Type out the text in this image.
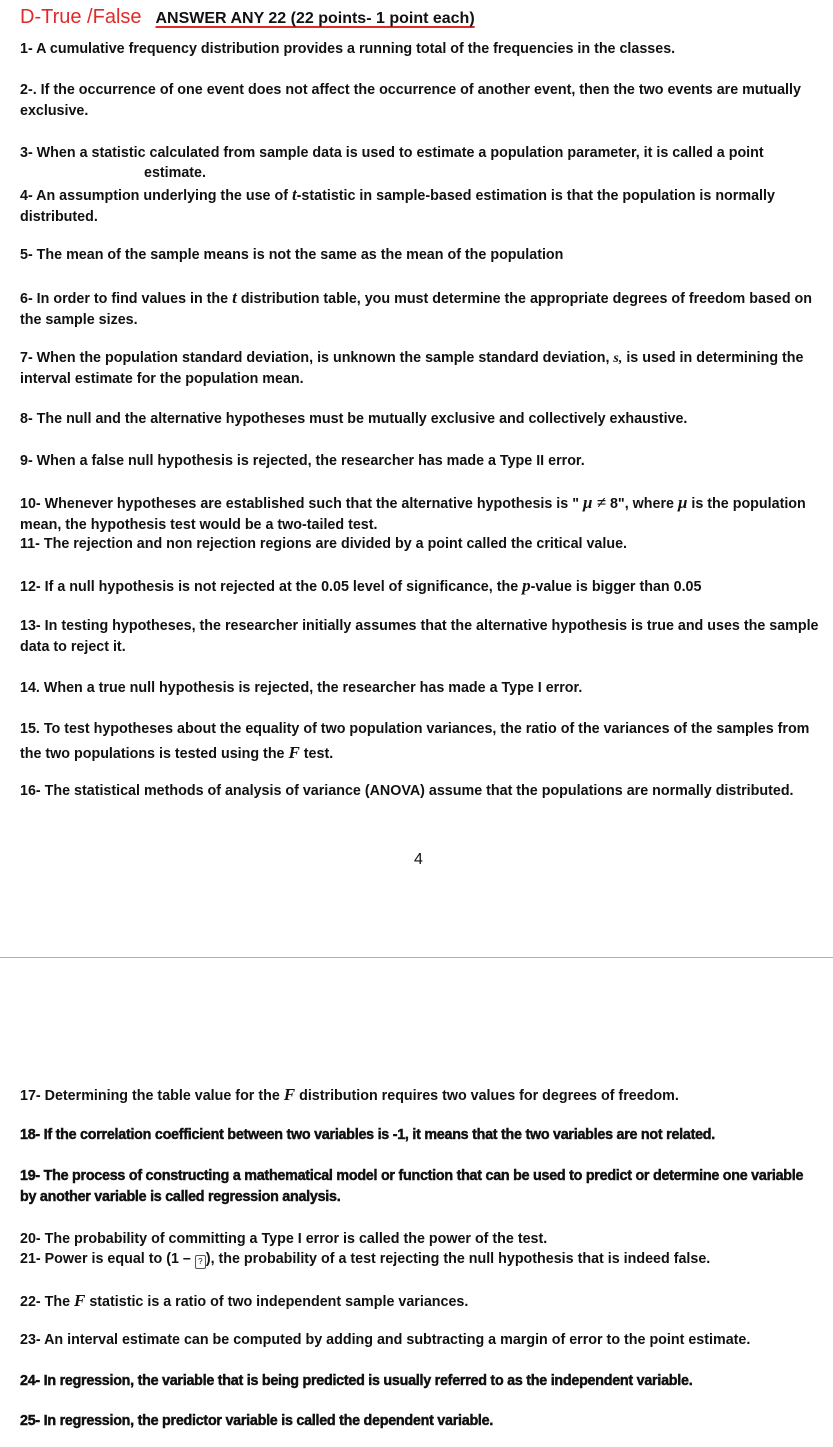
D-True /False ANSWER ANY 22 (22 points- 1 point each)

1- A cumulative frequency distribution provides a running total of the frequencies in the classes.

2-. If the occurrence of one event does not affect the occurrence of another event, then the two events are mutually exclusive.

3- When a statistic calculated from sample data is used to estimate a population parameter, it is called a point

estimate.

4- An assumption underlying the use of t-statistic in sample-based estimation is that the population is normally distributed.

5- The mean of the sample means is not the same as the mean of the population

6- In order to find values in the t distribution table, you must determine the appropriate degrees of freedom based on the sample sizes.

7- When the population standard deviation, is unknown the sample standard deviation, s, is used in determining the interval estimate for the population mean.

8- The null and the alternative hypotheses must be mutually exclusive and collectively exhaustive.

9- When a false null hypothesis is rejected, the researcher has made a Type II error.

10- Whenever hypotheses are established such that the alternative hypothesis is " μ ≠ 8", where μ is the population mean, the hypothesis test would be a two-tailed test.

11- The rejection and non rejection regions are divided by a point called the critical value.

12- If a null hypothesis is not rejected at the 0.05 level of significance, the p-value is bigger than 0.05

13- In testing hypotheses, the researcher initially assumes that the alternative hypothesis is true and uses the sample data to reject it.

14. When a true null hypothesis is rejected, the researcher has made a Type I error.

15. To test hypotheses about the equality of two population variances, the ratio of the variances of the samples from the two populations is tested using the F test.

16- The statistical methods of analysis of variance (ANOVA) assume that the populations are normally distributed.

4

17- Determining the table value for the F distribution requires two values for degrees of freedom.

18- If the correlation coefficient between two variables is -1, it means that the two variables are not related.

19- The process of constructing a mathematical model or function that can be used to predict or determine one variable by another variable is called regression analysis.

20- The probability of committing a Type I error is called the power of the test.

21- Power is equal to (1 – ? ), the probability of a test rejecting the null hypothesis that is indeed false.

22- The F statistic is a ratio of two independent sample variances.

23- An interval estimate can be computed by adding and subtracting a margin of error to the point estimate.

24- In regression, the variable that is being predicted is usually referred to as the independent variable.

25- In regression, the predictor variable is called the dependent variable.
